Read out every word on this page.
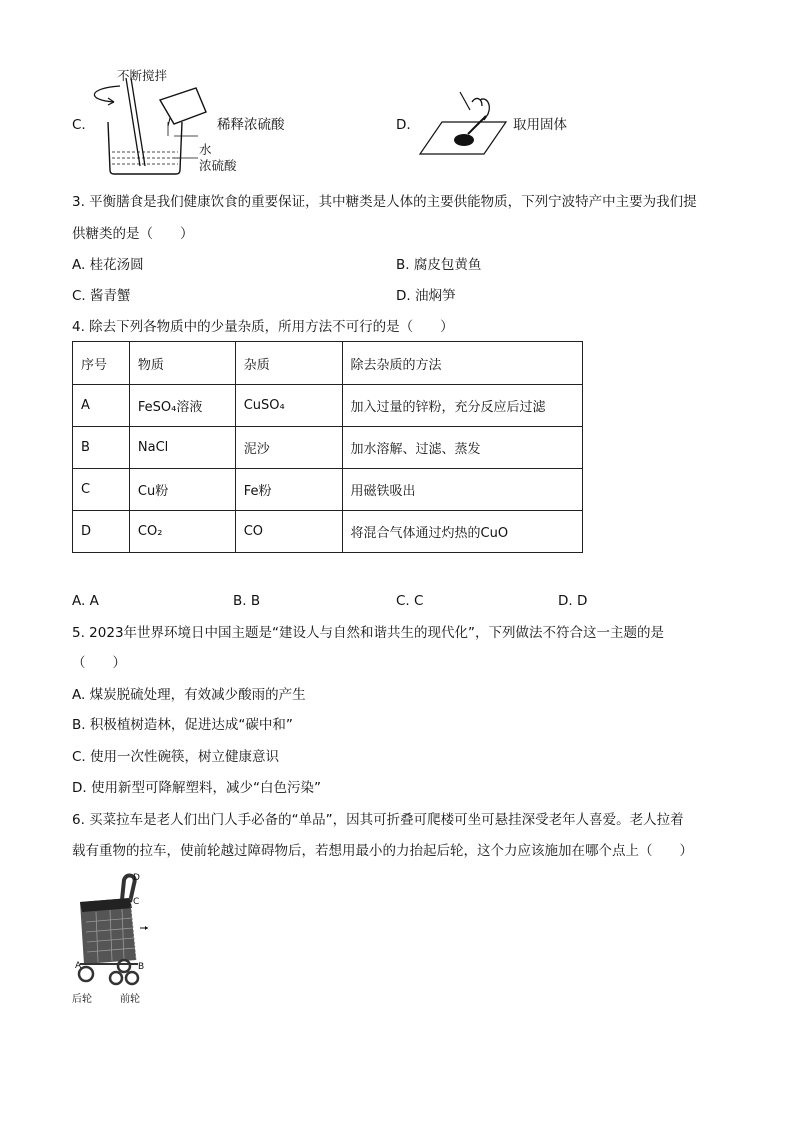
C.
不断搅拌
水
浓硫酸
稀释浓硫酸	D.	取用固体
3. 平衡膳食是我们健康饮食的重要保证，其中糖类是人体的主要供能物质，下列宁波特产中主要为我们提
供糖类的是（　　）
A. 桂花汤圆	B. 腐皮包黄鱼
C. 酱青蟹	D. 油焖笋
4. 除去下列各物质中的少量杂质，所用方法不可行的是（　　）
序号	物质	杂质	除去杂质的方法
A	FeSO₄溶液	CuSO₄	加入过量的锌粉，充分反应后过滤
B	NaCl	泥沙	加水溶解、过滤、蒸发
C	Cu粉	Fe粉	用磁铁吸出
D	CO₂	CO	将混合气体通过灼热的CuO
A. A	B. B	C. C	D. D
5. 2023年世界环境日中国主题是“建设人与自然和谐共生的现代化”，下列做法不符合这一主题的是
（　　）
A. 煤炭脱硫处理，有效减少酸雨的产生
B. 积极植树造林，促进达成“碳中和”
C. 使用一次性碗筷，树立健康意识
D. 使用新型可降解塑料，减少“白色污染”
6. 买菜拉车是老人们出门人手必备的“单品”，因其可折叠可爬楼可坐可悬挂深受老年人喜爱。老人拉着
载有重物的拉车，使前轮越过障碍物后，若想用最小的力抬起后轮，这个力应该施加在哪个点上（　　）
D
C
A	B
后轮	前轮
